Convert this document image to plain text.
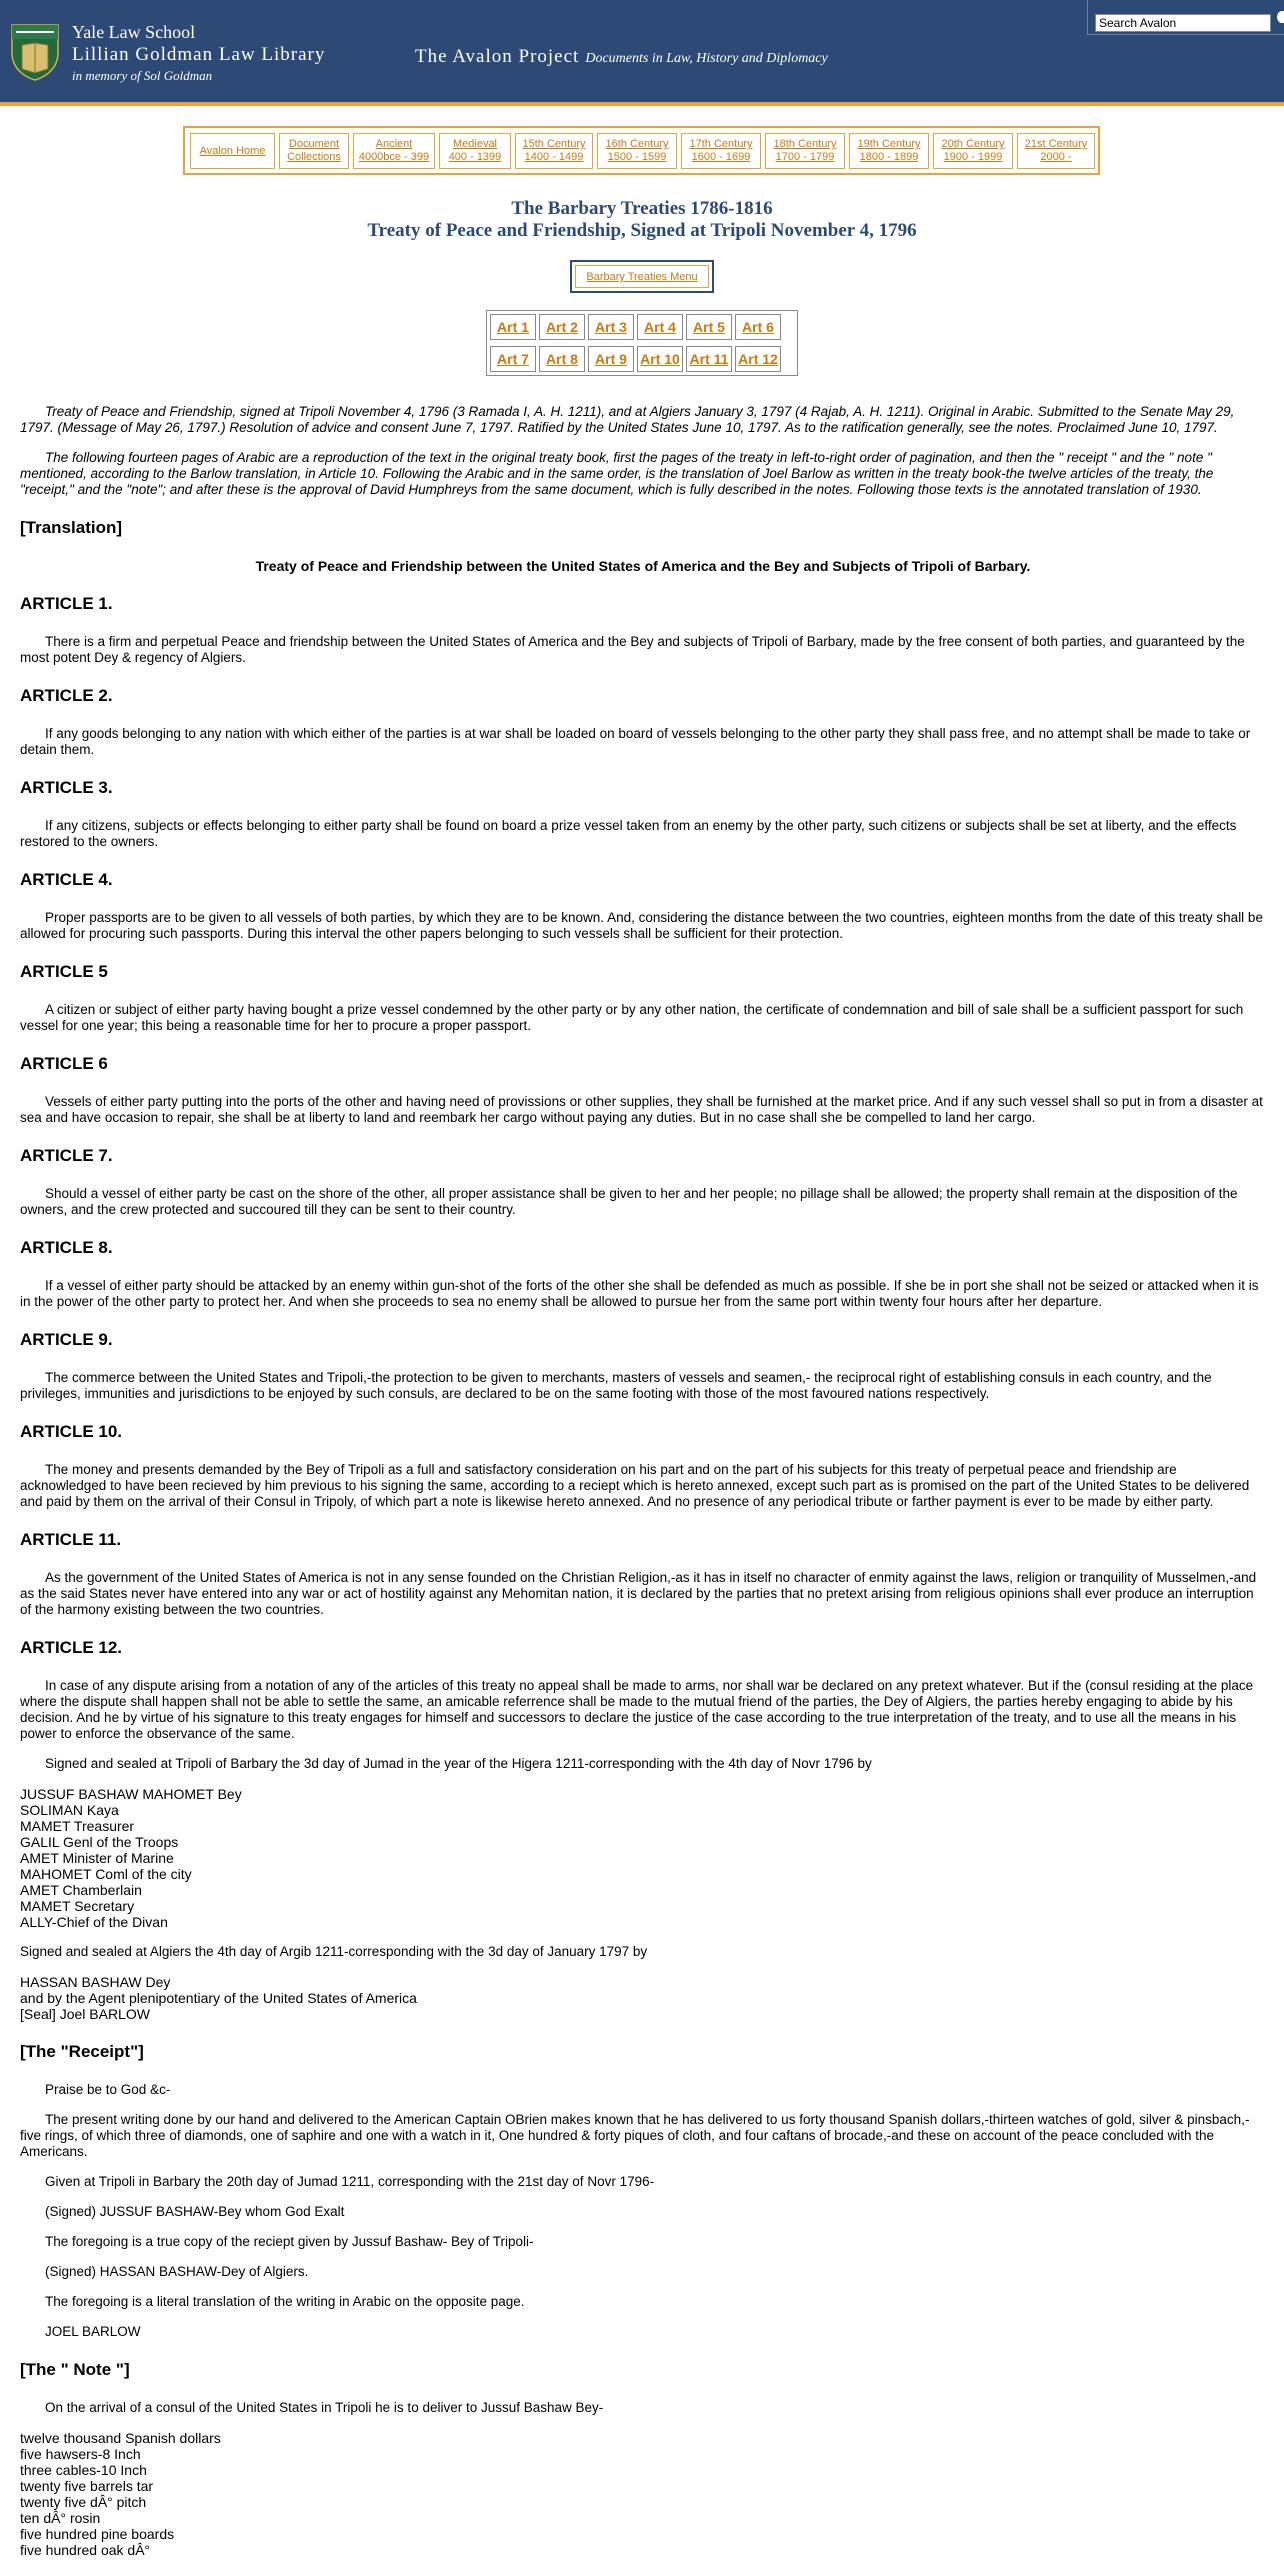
Yale Law School
Lillian Goldman Law Library
in memory of Sol Goldman
The Avalon Project Documents in Law, History and Diplomacy
Search Avalon
Avalon Home
Document
Collections
Ancient
4000bce - 399
Medieval
400 - 1399
15th Century
1400 - 1499
16th Century
1500 - 1599
17th Century
1600 - 1699
18th Century
1700 - 1799
19th Century
1800 - 1899
20th Century
1900 - 1999
21st Century
2000 -
The Barbary Treaties 1786-1816
Treaty of Peace and Friendship, Signed at Tripoli November 4, 1796
Barbary Treaties Menu
Art 1	Art 2	Art 3	Art 4	Art 5	Art 6
Art 7	Art 8	Art 9 Art 10 Art 11 Art 12

Treaty of Peace and Friendship, signed at Tripoli November 4, 1796 (3 Ramada I, A. H. 1211), and at Algiers January 3, 1797 (4 Rajab, A. H. 1211). Original in Arabic. Submitted to the Senate May 29, 1797. (Message of May 26, 1797.) Resolution of advice and consent June 7, 1797. Ratified by the United States June 10, 1797. As to the ratification generally, see the notes. Proclaimed June 10, 1797.

The following fourteen pages of Arabic are a reproduction of the text in the original treaty book, first the pages of the treaty in left-to-right order of pagination, and then the " receipt " and the " note " mentioned, according to the Barlow translation, in Article 10. Following the Arabic and in the same order, is the translation of Joel Barlow as written in the treaty book-the twelve articles of the treaty, the "receipt," and the "note"; and after these is the approval of David Humphreys from the same document, which is fully described in the notes. Following those texts is the annotated translation of 1930.

[Translation]
Treaty of Peace and Friendship between the United States of America and the Bey and Subjects of Tripoli of Barbary.
ARTICLE 1.

There is a firm and perpetual Peace and friendship between the United States of America and the Bey and subjects of Tripoli of Barbary, made by the free consent of both parties, and guaranteed by the most potent Dey & regency of Algiers.

ARTICLE 2.

If any goods belonging to any nation with which either of the parties is at war shall be loaded on board of vessels belonging to the other party they shall pass free, and no attempt shall be made to take or detain them.

ARTICLE 3.

If any citizens, subjects or effects belonging to either party shall be found on board a prize vessel taken from an enemy by the other party, such citizens or subjects shall be set at liberty, and the effects restored to the owners.

ARTICLE 4.

Proper passports are to be given to all vessels of both parties, by which they are to be known. And, considering the distance between the two countries, eighteen months from the date of this treaty shall be allowed for procuring such passports. During this interval the other papers belonging to such vessels shall be sufficient for their protection.

ARTICLE 5

A citizen or subject of either party having bought a prize vessel condemned by the other party or by any other nation, the certificate of condemnation and bill of sale shall be a sufficient passport for such vessel for one year; this being a reasonable time for her to procure a proper passport.

ARTICLE 6

Vessels of either party putting into the ports of the other and having need of provissions or other supplies, they shall be furnished at the market price. And if any such vessel shall so put in from a disaster at sea and have occasion to repair, she shall be at liberty to land and reembark her cargo without paying any duties. But in no case shall she be compelled to land her cargo.

ARTICLE 7.

Should a vessel of either party be cast on the shore of the other, all proper assistance shall be given to her and her people; no pillage shall be allowed; the property shall remain at the disposition of the owners, and the crew protected and succoured till they can be sent to their country.

ARTICLE 8.

If a vessel of either party should be attacked by an enemy within gun-shot of the forts of the other she shall be defended as much as possible. If she be in port she shall not be seized or attacked when it is in the power of the other party to protect her. And when she proceeds to sea no enemy shall be allowed to pursue her from the same port within twenty four hours after her departure.

ARTICLE 9.

The commerce between the United States and Tripoli,-the protection to be given to merchants, masters of vessels and seamen,- the reciprocal right of establishing consuls in each country, and the privileges, immunities and jurisdictions to be enjoyed by such consuls, are declared to be on the same footing with those of the most favoured nations respectively.

ARTICLE 10.

The money and presents demanded by the Bey of Tripoli as a full and satisfactory consideration on his part and on the part of his subjects for this treaty of perpetual peace and friendship are acknowledged to have been recieved by him previous to his signing the same, according to a reciept which is hereto annexed, except such part as is promised on the part of the United States to be delivered and paid by them on the arrival of their Consul in Tripoly, of which part a note is likewise hereto annexed. And no presence of any periodical tribute or farther payment is ever to be made by either party.

ARTICLE 11.

As the government of the United States of America is not in any sense founded on the Christian Religion,-as it has in itself no character of enmity against the laws, religion or tranquility of Musselmen,-and as the said States never have entered into any war or act of hostility against any Mehomitan nation, it is declared by the parties that no pretext arising from religious opinions shall ever produce an interruption of the harmony existing between the two countries.

ARTICLE 12.

In case of any dispute arising from a notation of any of the articles of this treaty no appeal shall be made to arms, nor shall war be declared on any pretext whatever. But if the (consul residing at the place where the dispute shall happen shall not be able to settle the same, an amicable referrence shall be made to the mutual friend of the parties, the Dey of Algiers, the parties hereby engaging to abide by his decision. And he by virtue of his signature to this treaty engages for himself and successors to declare the justice of the case according to the true interpretation of the treaty, and to use all the means in his power to enforce the observance of the same.

Signed and sealed at Tripoli of Barbary the 3d day of Jumad in the year of the Higera 1211-corresponding with the 4th day of Novr 1796 by

JUSSUF BASHAW MAHOMET Bey
SOLIMAN Kaya
MAMET Treasurer
GALIL Genl of the Troops
AMET Minister of Marine
MAHOMET Coml of the city
AMET Chamberlain
MAMET Secretary
ALLY-Chief of the Divan

Signed and sealed at Algiers the 4th day of Argib 1211-corresponding with the 3d day of January 1797 by

HASSAN BASHAW Dey
and by the Agent plenipotentiary of the United States of America
[Seal] Joel BARLOW
[The "Receipt"]

Praise be to God &c-

The present writing done by our hand and delivered to the American Captain OBrien makes known that he has delivered to us forty thousand Spanish dollars,-thirteen watches of gold, silver & pinsbach,-five rings, of which three of diamonds, one of saphire and one with a watch in it, One hundred & forty piques of cloth, and four caftans of brocade,-and these on account of the peace concluded with the Americans.

Given at Tripoli in Barbary the 20th day of Jumad 1211, corresponding with the 21st day of Novr 1796-

(Signed) JUSSUF BASHAW-Bey whom God Exalt

The foregoing is a true copy of the reciept given by Jussuf Bashaw- Bey of Tripoli-

(Signed) HASSAN BASHAW-Dey of Algiers.

The foregoing is a literal translation of the writing in Arabic on the opposite page.

JOEL BARLOW

[The " Note "]

On the arrival of a consul of the United States in Tripoli he is to deliver to Jussuf Bashaw Bey-

twelve thousand Spanish dollars
five hawsers-8 Inch
three cables-10 Inch
twenty five barrels tar
twenty five dÂ° pitch
ten dÂ° rosin
five hundred pine boards
five hundred oak dÂ°
